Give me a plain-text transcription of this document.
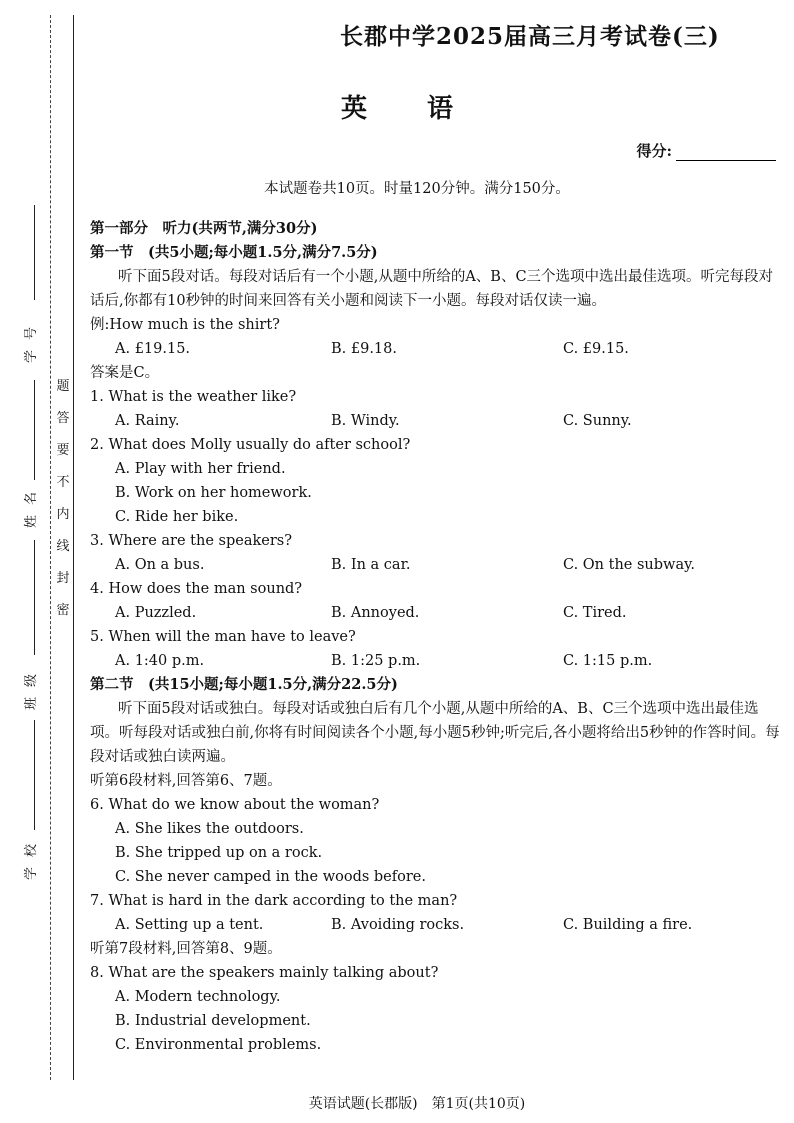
学号
姓名
班级
学校
题
答
要
不
内
线
封
密
长郡中学2025届高三月考试卷(三)
英语
得分:
本试题卷共10页。时量120分钟。满分150分。

第一部分　听力(共两节,满分30分)

第一节　(共5小题;每小题1.5分,满分7.5分)

听下面5段对话。每段对话后有一个小题,从题中所给的A、B、C三个选项中选出最佳选项。听完每段对话后,你都有10秒钟的时间来回答有关小题和阅读下一小题。每段对话仅读一遍。

例:How much is the shirt?

A. £19.15.	B. £9.18.	C. £9.15.

答案是C。

1. What is the weather like?

A. Rainy.	B. Windy.	C. Sunny.

2. What does Molly usually do after school?

A. Play with her friend.

B. Work on her homework.

C. Ride her bike.

3. Where are the speakers?

A. On a bus.	B. In a car.	C. On the subway.

4. How does the man sound?

A. Puzzled.	B. Annoyed.	C. Tired.

5. When will the man have to leave?

A. 1:40 p.m.	B. 1:25 p.m.	C. 1:15 p.m.

第二节　(共15小题;每小题1.5分,满分22.5分)

听下面5段对话或独白。每段对话或独白后有几个小题,从题中所给的A、B、C三个选项中选出最佳选项。听每段对话或独白前,你将有时间阅读各个小题,每小题5秒钟;听完后,各小题将给出5秒钟的作答时间。每段对话或独白读两遍。

听第6段材料,回答第6、7题。

6. What do we know about the woman?

A. She likes the outdoors.

B. She tripped up on a rock.

C. She never camped in the woods before.

7. What is hard in the dark according to the man?

A. Setting up a tent.	B. Avoiding rocks.	C. Building a fire.

听第7段材料,回答第8、9题。

8. What are the speakers mainly talking about?

A. Modern technology.

B. Industrial development.

C. Environmental problems.

英语试题(长郡版)　第1页(共10页)
